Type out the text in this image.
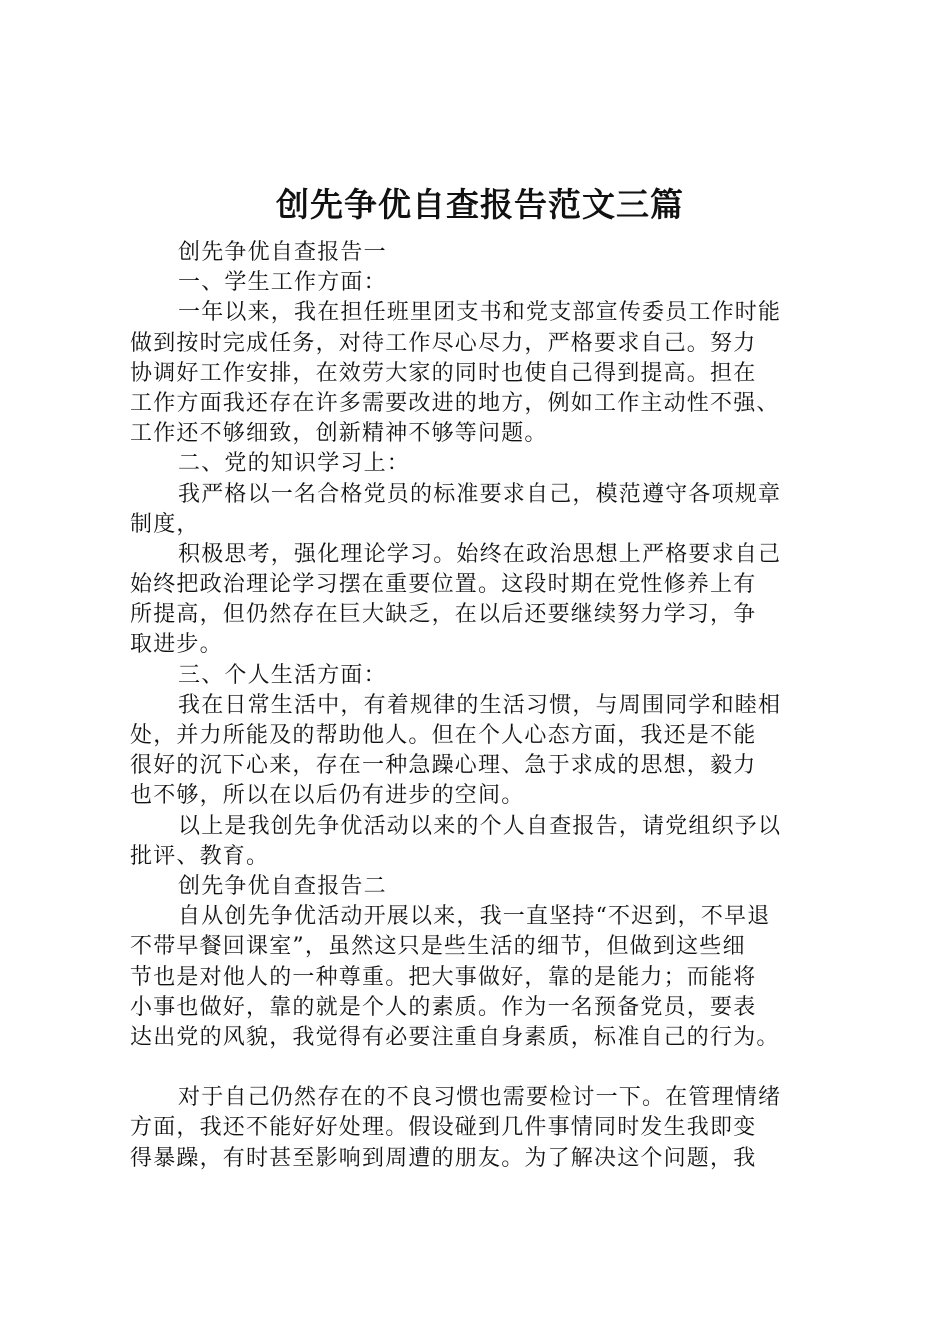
创先争优自查报告范文三篇
创先争优自查报告一
一、学生工作方面：
一年以来，我在担任班里团支书和党支部宣传委员工作时能
做到按时完成任务，对待工作尽心尽力，严格要求自己。努力
协调好工作安排，在效劳大家的同时也使自己得到提高。担在
工作方面我还存在许多需要改进的地方，例如工作主动性不强、
工作还不够细致，创新精神不够等问题。
二、党的知识学习上：
我严格以一名合格党员的标准要求自己，模范遵守各项规章
制度，
积极思考，强化理论学习。始终在政治思想上严格要求自己
始终把政治理论学习摆在重要位置。这段时期在党性修养上有
所提高，但仍然存在巨大缺乏，在以后还要继续努力学习，争
取进步。
三、个人生活方面：
我在日常生活中，有着规律的生活习惯，与周围同学和睦相
处，并力所能及的帮助他人。但在个人心态方面，我还是不能
很好的沉下心来，存在一种急躁心理、急于求成的思想，毅力
也不够，所以在以后仍有进步的空间。
以上是我创先争优活动以来的个人自查报告，请党组织予以
批评、教育。
创先争优自查报告二
自从创先争优活动开展以来，我一直坚持“不迟到，不早退
不带早餐回课室”，虽然这只是些生活的细节，但做到这些细
节也是对他人的一种尊重。把大事做好，靠的是能力；而能将
小事也做好，靠的就是个人的素质。作为一名预备党员，要表
达出党的风貌，我觉得有必要注重自身素质，标准自己的行为。
对于自己仍然存在的不良习惯也需要检讨一下。在管理情绪
方面，我还不能好好处理。假设碰到几件事情同时发生我即变
得暴躁，有时甚至影响到周遭的朋友。为了解决这个问题，我
